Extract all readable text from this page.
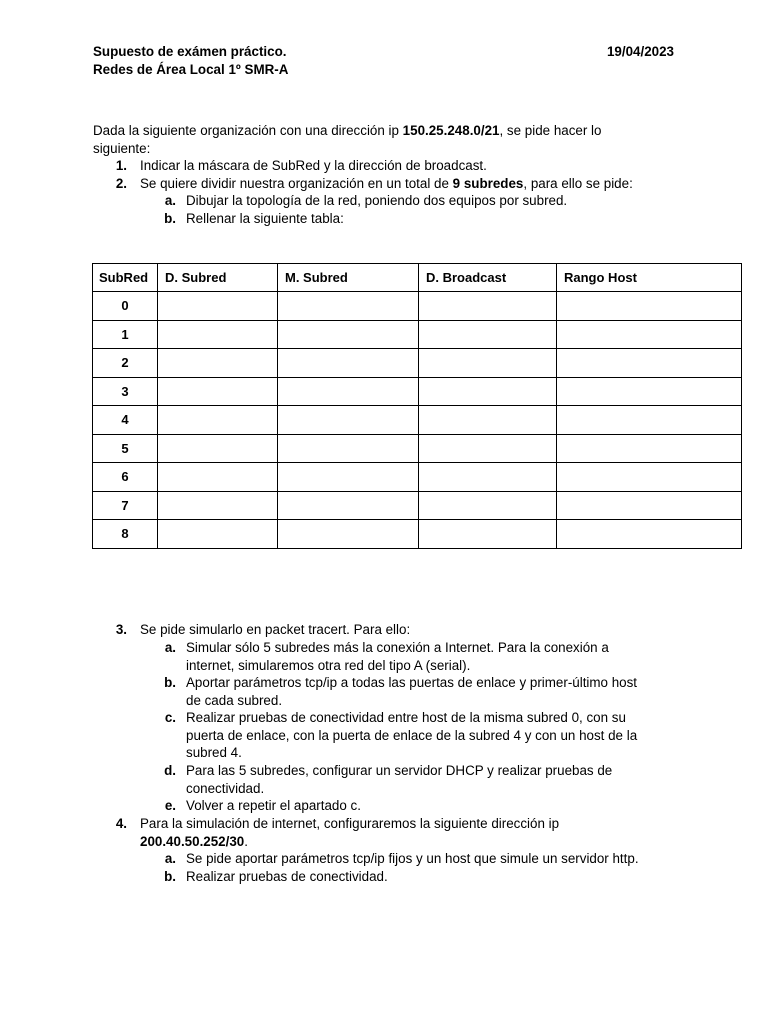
Supuesto de exámen práctico.	19/04/2023
Redes de Área Local 1º SMR-A
Dada la siguiente organización con una dirección ip 150.25.248.0/21, se pide hacer lo
siguiente:
1. Indicar la máscara de SubRed y la dirección de broadcast.
2. Se quiere dividir nuestra organización en un total de 9 subredes, para ello se pide:
a. Dibujar la topología de la red, poniendo dos equipos por subred.
b. Rellenar la siguiente tabla:
SubRed	D. Subred	M. Subred	D. Broadcast	Rango Host
0				
1				
2				
3				
4				
5				
6				
7				
8				
3. Se pide simularlo en packet tracert. Para ello:
a. Simular sólo 5 subredes más la conexión a Internet. Para la conexión a
internet, simularemos otra red del tipo A (serial).
b. Aportar parámetros tcp/ip a todas las puertas de enlace y primer-último host
de cada subred.
c. Realizar pruebas de conectividad entre host de la misma subred 0, con su
puerta de enlace, con la puerta de enlace de la subred 4 y con un host de la
subred 4.
d. Para las 5 subredes, configurar un servidor DHCP y realizar pruebas de
conectividad.
e. Volver a repetir el apartado c.
4. Para la simulación de internet, configuraremos la siguiente dirección ip
200.40.50.252/30.
a. Se pide aportar parámetros tcp/ip fijos y un host que simule un servidor http.
b. Realizar pruebas de conectividad.
